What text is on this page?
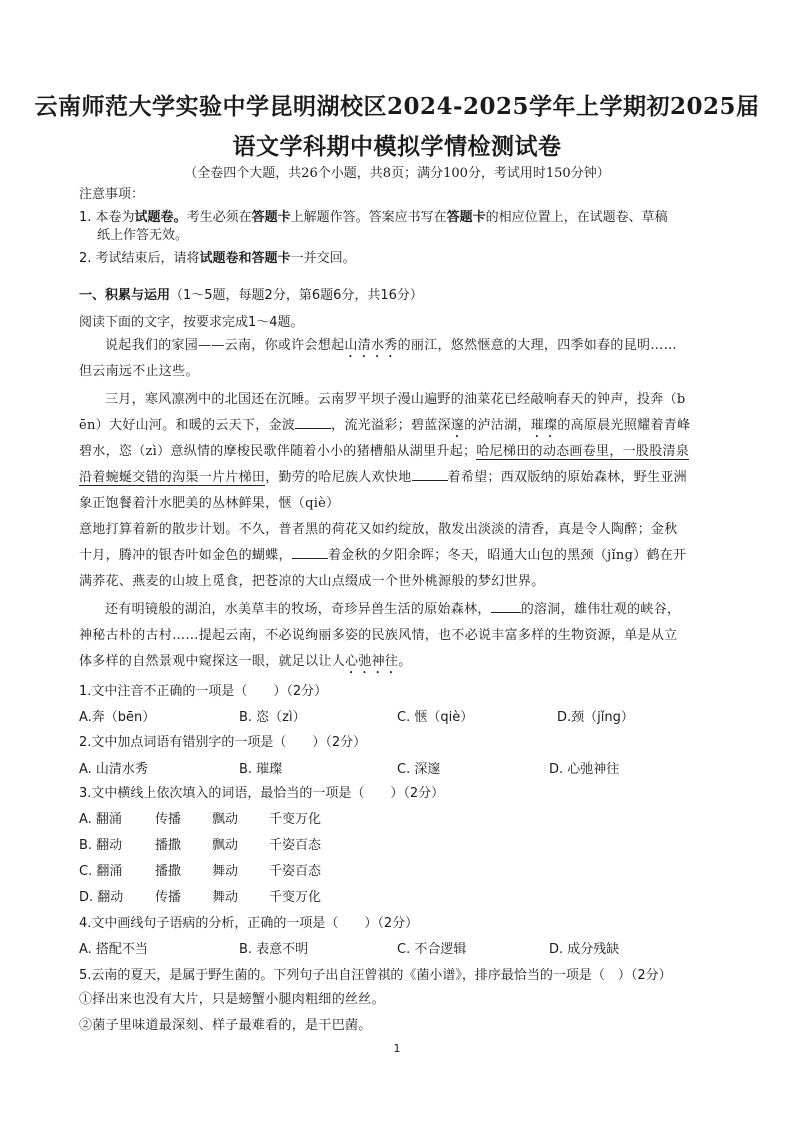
云南师范大学实验中学昆明湖校区2024-2025学年上学期初2025届
语文学科期中模拟学情检测试卷
（全卷四个大题，共26个小题，共8页；满分100分，考试用时150分钟）
注意事项：
1. 本卷为试题卷。考生必须在答题卡上解题作答。答案应书写在答题卡的相应位置上，在试题卷、草稿
纸上作答无效。
2. 考试结束后，请将试题卷和答题卡一并交回。
一、积累与运用（1～5题，每题2分，第6题6分，共16分）
阅读下面的文字，按要求完成1～4题。
说起我们的家园——云南，你或许会想起山清水秀的丽江，悠然惬意的大理，四季如春的昆明……
但云南远不止这些。
三月，寒风凛冽中的北国还在沉睡。云南罗平坝子漫山遍野的油菜花已经敲响春天的钟声，投奔（b
ēn）大好山河。和暖的云天下，金波	，流光溢彩；碧蓝深邃的泸沽湖，璀璨的高原晨光照耀着青峰
碧水，恣（zì）意纵情的摩梭民歌伴随着小小的猪槽船从湖里升起；哈尼梯田的动态画卷里，一股股清泉
沿着蜿蜒交错的沟渠一片片梯田，勤劳的哈尼族人欢快地	着希望；西双版纳的原始森林，野生亚洲
象正饱餐着汁水肥美的丛林鲜果，惬（qiè）
意地打算着新的散步计划。不久，普者黑的荷花又如约绽放，散发出淡淡的清香，真是令人陶醉；金秋
十月，腾冲的银杏叶如金色的蝴蝶，	着金秋的夕阳余晖；冬天，昭通大山包的黑颈（jǐng）鹤在开
满荞花、燕麦的山坡上觅食，把苍凉的大山点缀成一个世外桃源般的梦幻世界。
还有明镜般的湖泊，水美草丰的牧场，奇珍异兽生活的原始森林， 的溶洞，雄伟壮观的峡谷，
神秘古朴的古村……提起云南，不必说绚丽多姿的民族风情，也不必说丰富多样的生物资源，单是从立
体多样的自然景观中窥探这一眼，就足以让人心弛神往。
1.文中注音不正确的一项是（　　）（2分）
A.奔（bēn）	B. 恣（zì）	C. 惬（qiè）	D.颈（jǐng）
2.文中加点词语有错别字的一项是（　　）（2分）
A. 山清水秀	B. 璀璨	C. 深邃	D. 心弛神往
3.文中横线上依次填入的词语，最恰当的一项是（　　）（2分）
A. 翻涌	传播 飘动 千变万化
B. 翻动	播撒 飘动 千姿百态
C. 翻涌	播撒 舞动 千姿百态
D. 翻动 传播 舞动 千变万化
4.文中画线句子语病的分析，正确的一项是（　　）（2分）
A. 搭配不当	B. 表意不明	C. 不合逻辑	D. 成分残缺
5.云南的夏天，是属于野生菌的。下列句子出自汪曾祺的《菌小谱》，排序最恰当的一项是（　）（2分）
①择出来也没有大片，只是螃蟹小腿肉粗细的丝丝。
②菌子里味道最深刻、样子最难看的，是干巴菌。
1
